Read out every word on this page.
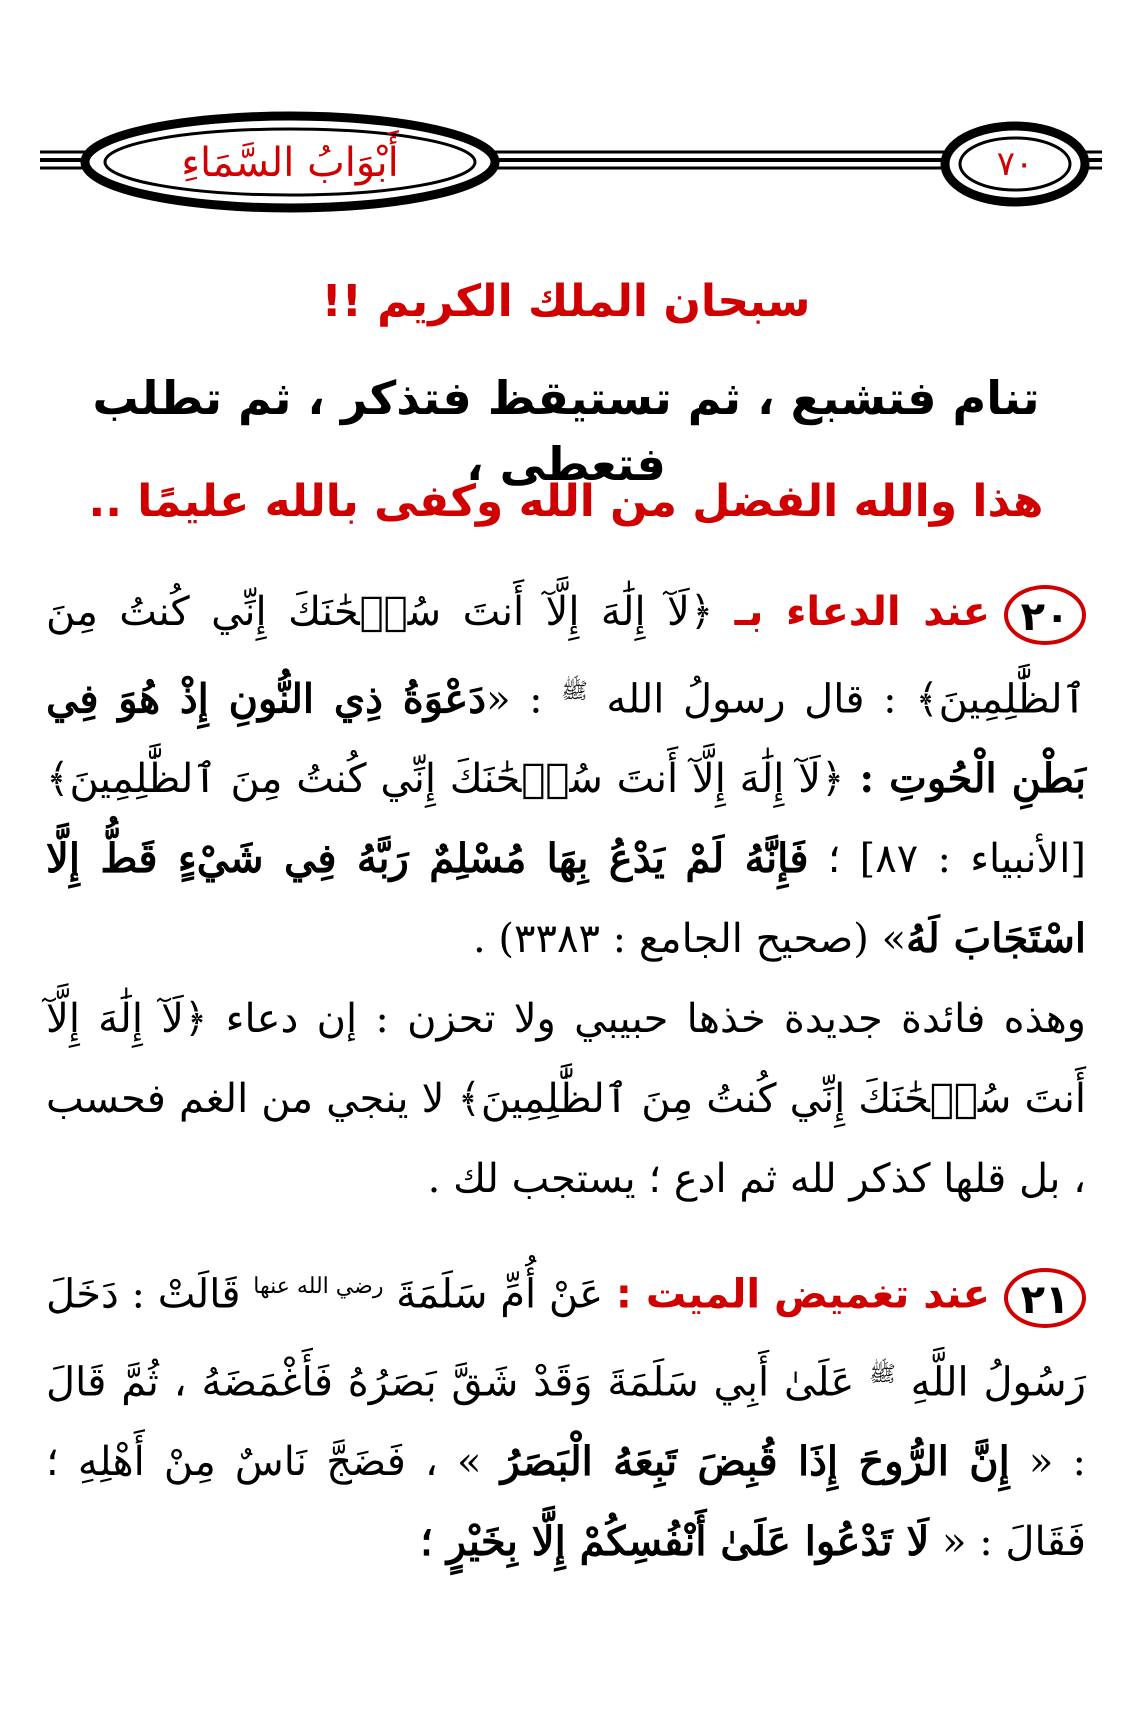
أَبْوَابُ السَّمَاءِ	٧٠
سبحان الملك الكريم !!
تنام فتشبع ، ثم تستيقظ فتذكر ، ثم تطلب فتعطى ،
هذا والله الفضل من الله وكفى بالله عليمًا ..

٢٠عند الدعاء بـ ﴿لَآ إِلَٰهَ إِلَّآ أَنتَ سُبۡحَٰنَكَ إِنِّي كُنتُ مِنَ ٱلظَّٰلِمِينَ﴾ : قال رسولُ الله $^ﷺ$ : «دَعْوَةُ ذِي النُّونِ إِذْ هُوَ فِي بَطْنِ الْحُوتِ : ﴿لَآ إِلَٰهَ إِلَّآ أَنتَ سُبۡحَٰنَكَ إِنِّي كُنتُ مِنَ ٱلظَّٰلِمِينَ﴾ [الأنبياء : ٨٧] ؛ فَإِنَّهُ لَمْ يَدْعُ بِهَا مُسْلِمٌ رَبَّهُ فِي شَيْءٍ قَطُّ إِلَّا اسْتَجَابَ لَهُ» (صحيح الجامع : ٣٣٨٣) .

وهذه فائدة جديدة خذها حبيبي ولا تحزن : إن دعاء ﴿لَآ إِلَٰهَ إِلَّآ أَنتَ سُبۡحَٰنَكَ إِنِّي كُنتُ مِنَ ٱلظَّٰلِمِينَ﴾ لا ينجي من الغم فحسب ، بل قلها كذكر لله ثم ادع ؛ يستجب لك .

٢١عند تغميض الميت : عَنْ أُمِّ سَلَمَةَ $^{رضي الله عنها}$ قَالَتْ : دَخَلَ رَسُولُ اللَّهِ $^ﷺ$ عَلَىٰ أَبِي سَلَمَةَ وَقَدْ شَقَّ بَصَرُهُ فَأَغْمَضَهُ ، ثُمَّ قَالَ : « إِنَّ الرُّوحَ إِذَا قُبِضَ تَبِعَهُ الْبَصَرُ » ، فَضَجَّ نَاسٌ مِنْ أَهْلِهِ ؛ فَقَالَ : « لَا تَدْعُوا عَلَىٰ أَنْفُسِكُمْ إِلَّا بِخَيْرٍ ؛
